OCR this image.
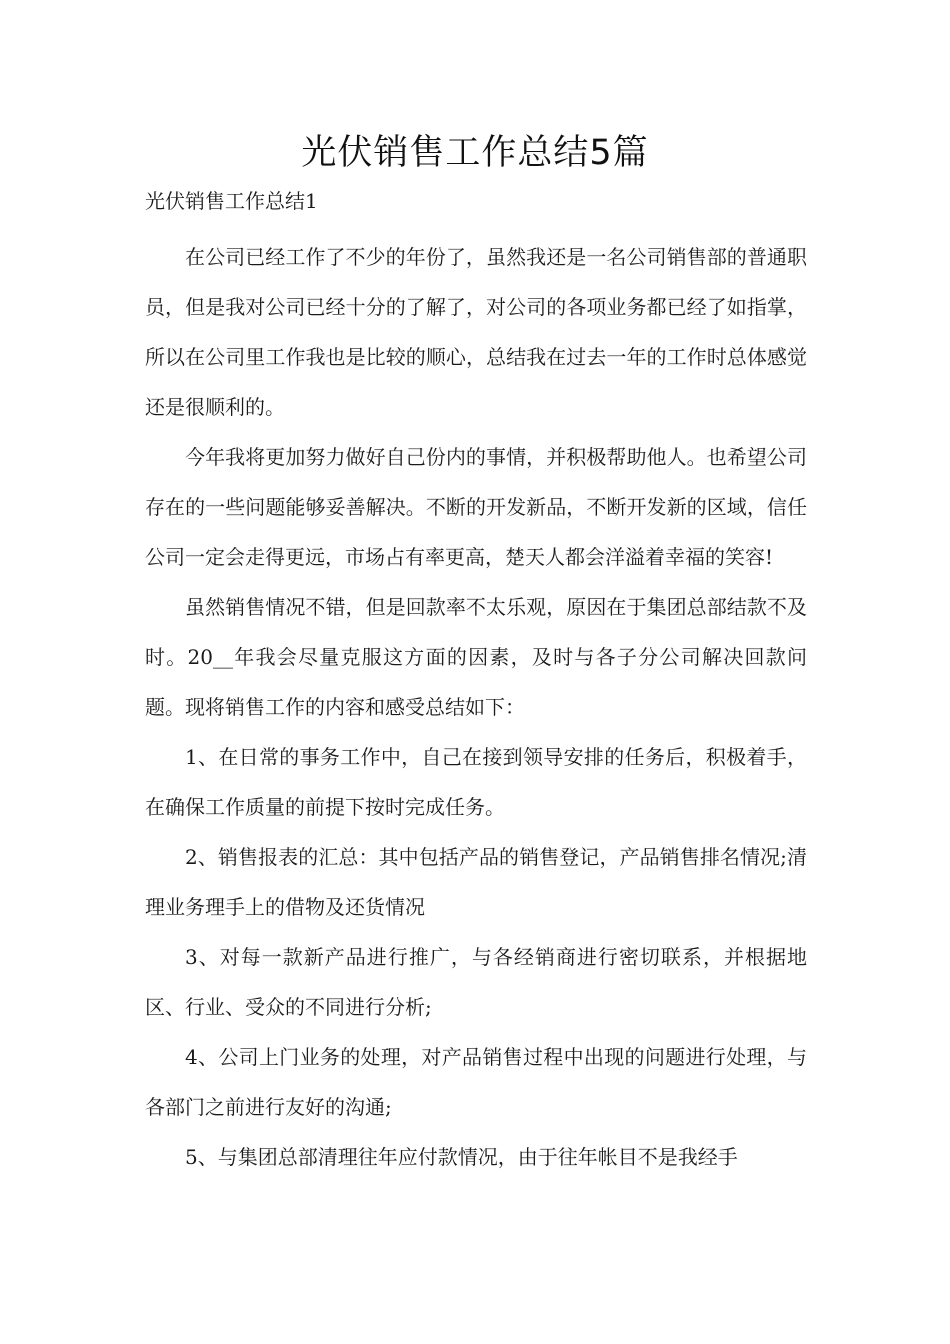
光伏销售工作总结5篇
光伏销售工作总结1

在公司已经工作了不少的年份了，虽然我还是一名公司销售部的普通职员，但是我对公司已经十分的了解了，对公司的各项业务都已经了如指掌，所以在公司里工作我也是比较的顺心，总结我在过去一年的工作时总体感觉还是很顺利的。

今年我将更加努力做好自己份内的事情，并积极帮助他人。也希望公司存在的一些问题能够妥善解决。不断的开发新品，不断开发新的区域，信任公司一定会走得更远，市场占有率更高，楚天人都会洋溢着幸福的笑容!

虽然销售情况不错，但是回款率不太乐观，原因在于集团总部结款不及时。20__年我会尽量克服这方面的因素，及时与各子分公司解决回款问题。现将销售工作的内容和感受总结如下：

1、在日常的事务工作中，自己在接到领导安排的任务后，积极着手，在确保工作质量的前提下按时完成任务。

2、销售报表的汇总：其中包括产品的销售登记，产品销售排名情况;清理业务理手上的借物及还货情况

3、对每一款新产品进行推广，与各经销商进行密切联系，并根据地区、行业、受众的不同进行分析;

4、公司上门业务的处理，对产品销售过程中出现的问题进行处理，与各部门之前进行友好的沟通;

5、与集团总部清理往年应付款情况，由于往年帐目不是我经手
